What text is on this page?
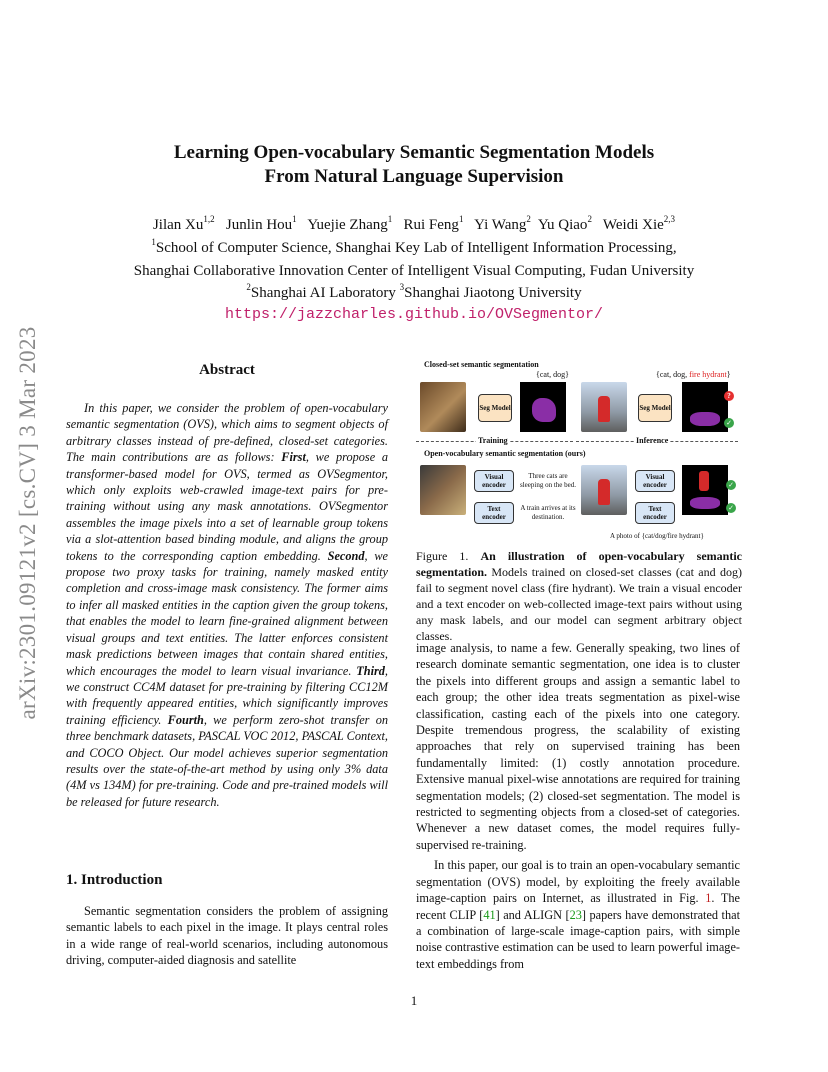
arXiv:2301.09121v2 [cs.CV] 3 Mar 2023
Learning Open-vocabulary Semantic Segmentation Models
From Natural Language Supervision
Jilan Xu$^{1,2}$ Junlin Hou$^1$ Yuejie Zhang$^1$ Rui Feng$^1$ Yi Wang$^2$ Yu Qiao$^2$ Weidi Xie$^{2,3}$
$^1$School of Computer Science, Shanghai Key Lab of Intelligent Information Processing,
Shanghai Collaborative Innovation Center of Intelligent Visual Computing, Fudan University
$^2$Shanghai AI Laboratory $^3$Shanghai Jiaotong University
https://jazzcharles.github.io/OVSegmentor/
Abstract

In this paper, we consider the problem of open-vocabulary semantic segmentation (OVS), which aims to segment objects of arbitrary classes instead of pre-defined, closed-set categories. The main contributions are as follows: First, we propose a transformer-based model for OVS, termed as OVSegmentor, which only exploits web-crawled image-text pairs for pre-training without using any mask annotations. OVSegmentor assembles the image pixels into a set of learnable group tokens via a slot-attention based binding module, and aligns the group tokens to the corresponding caption embedding. Second, we propose two proxy tasks for training, namely masked entity completion and cross-image mask consistency. The former aims to infer all masked entities in the caption given the group tokens, that enables the model to learn fine-grained alignment between visual groups and text entities. The latter enforces consistent mask predictions between images that contain shared entities, which encourages the model to learn visual invariance. Third, we construct CC4M dataset for pre-training by filtering CC12M with frequently appeared entities, which significantly improves training efficiency. Fourth, we perform zero-shot transfer on three benchmark datasets, PASCAL VOC 2012, PASCAL Context, and COCO Object. Our model achieves superior segmentation results over the state-of-the-art method by using only 3% data (4M vs 134M) for pre-training. Code and pre-trained models will be released for future research.

1. Introduction

Semantic segmentation considers the problem of assigning semantic labels to each pixel in the image. It plays central roles in a wide range of real-world scenarios, including autonomous driving, computer-aided diagnosis and satellite

Closed-set semantic segmentation
{cat, dog}	{cat, dog, fire hydrant}
Seg Model	Seg Model
?
✓
Training	Inference
Open-vocabulary semantic segmentation (ours)
Visual encoder
Text encoder
Three cats are sleeping on the bed.
A train arrives at its destination.
Visual encoder
Text encoder
✓
✓
A photo of {cat/dog/fire hydrant}
Figure 1. An illustration of open-vocabulary semantic segmentation. Models trained on closed-set classes (cat and dog) fail to segment novel class (fire hydrant). We train a visual encoder and a text encoder on web-collected image-text pairs without using any mask labels, and our model can segment arbitrary object classes.

image analysis, to name a few. Generally speaking, two lines of research dominate semantic segmentation, one idea is to cluster the pixels into different groups and assign a semantic label to each group; the other idea treats segmentation as pixel-wise classification, casting each of the pixels into one category. Despite tremendous progress, the scalability of existing approaches that rely on supervised training has been fundamentally limited: (1) costly annotation procedure. Extensive manual pixel-wise annotations are required for training segmentation models; (2) closed-set segmentation. The model is restricted to segmenting objects from a closed-set of categories. Whenever a new dataset comes, the model requires fully-supervised re-training.

In this paper, our goal is to train an open-vocabulary semantic segmentation (OVS) model, by exploiting the freely available image-caption pairs on Internet, as illustrated in Fig. 1. The recent CLIP [41] and ALIGN [23] papers have demonstrated that a combination of large-scale image-caption pairs, with simple noise contrastive estimation can be used to learn powerful image-text embeddings from

1
